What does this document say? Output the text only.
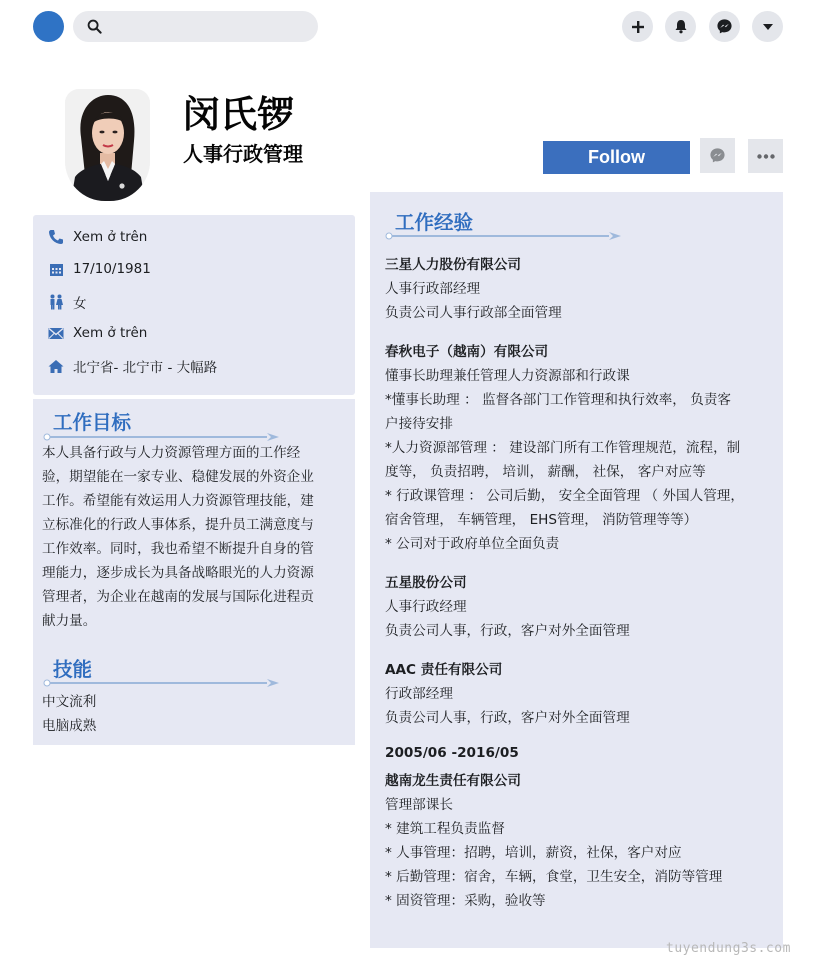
闵氏锣
人事行政管理	Follow
Xem ở trên
17/10/1981
女
Xem ở trên
北宁省- 北宁市 - 大幅路
工作目标

本人具备行政与人力资源管理方面的工作经验，期望能在一家专业、稳健发展的外资企业工作。希望能有效运用人力资源管理技能，建立标准化的行政人事体系，提升员工满意度与工作效率。同时，我也希望不断提升自身的管理能力，逐步成长为具备战略眼光的人力资源管理者，为企业在越南的发展与国际化进程贡献力量。

技能
中文流利
电脑成熟
工作经验
三星人力股份有限公司
人事行政部经理
负责公司人事行政部全面管理
春秋电子（越南）有限公司
懂事长助理兼任管理人力资源部和行政课
*懂事长助理 ： 监督各部门工作管理和执行效率， 负责客
户接待安排
*人力资源部管理 ： 建设部门所有工作管理规范，流程，制
度等， 负责招聘， 培训， 薪酬， 社保， 客户对应等
* 行政课管理 ： 公司后勤， 安全全面管理 （ 外国人管理，
宿舍管理， 车辆管理， EHS管理， 消防管理等等）
* 公司对于政府单位全面负责
五星股份公司
人事行政经理
负责公司人事，行政，客户对外全面管理
AAC 责任有限公司
行政部经理
负责公司人事，行政，客户对外全面管理
2005/06 -2016/05
越南龙生责任有限公司
管理部课长
* 建筑工程负责监督
* 人事管理：招聘，培训，薪资，社保，客户对应
* 后勤管理：宿舍，车辆，食堂，卫生安全，消防等管理
* 固资管理：采购，验收等
tuyendung3s.com
